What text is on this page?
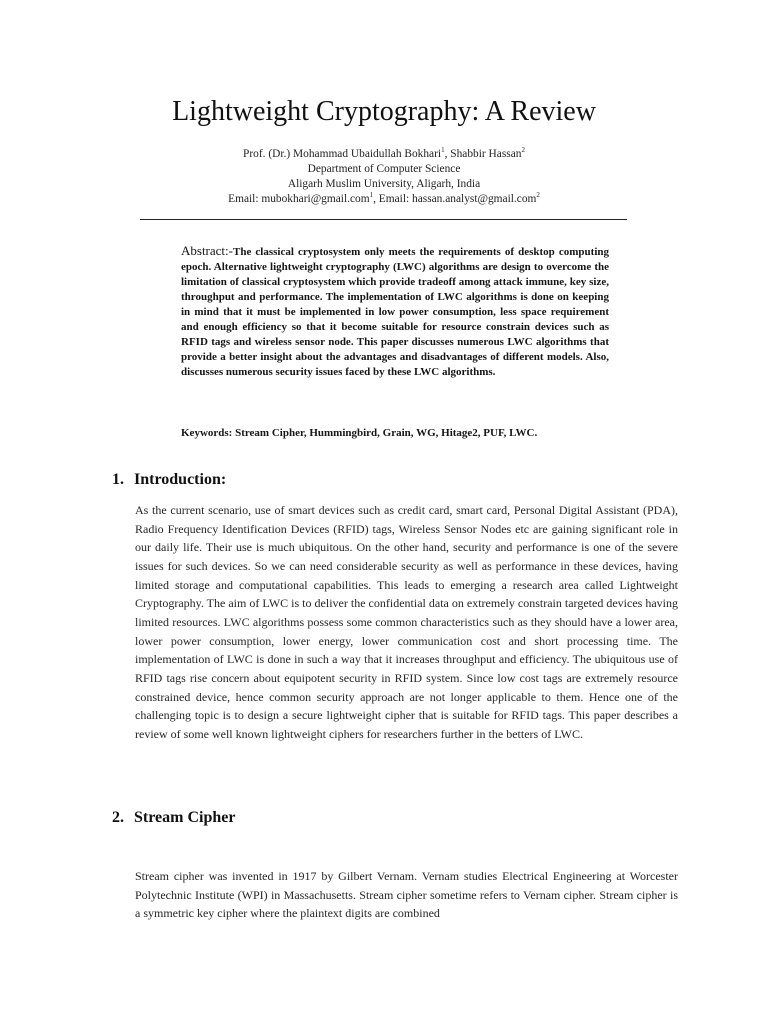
Lightweight Cryptography: A Review
Prof. (Dr.) Mohammad Ubaidullah Bokhari$^1$, Shabbir Hassan$^2$
Department of Computer Science
Aligarh Muslim University, Aligarh, India
Email: mubokhari@gmail.com$^1$, Email: hassan.analyst@gmail.com$^2$
Abstract:-The classical cryptosystem only meets the requirements of desktop computing epoch. Alternative lightweight cryptography (LWC) algorithms are design to overcome the limitation of classical cryptosystem which provide tradeoff among attack immune, key size, throughput and performance. The implementation of LWC algorithms is done on keeping in mind that it must be implemented in low power consumption, less space requirement and enough efficiency so that it become suitable for resource constrain devices such as RFID tags and wireless sensor node. This paper discusses numerous LWC algorithms that provide a better insight about the advantages and disadvantages of different models. Also, discusses numerous security issues faced by these LWC algorithms.
Keywords: Stream Cipher, Hummingbird, Grain, WG, Hitage2, PUF, LWC.
1. Introduction:
As the current scenario, use of smart devices such as credit card, smart card, Personal Digital Assistant (PDA), Radio Frequency Identification Devices (RFID) tags, Wireless Sensor Nodes etc are gaining significant role in our daily life. Their use is much ubiquitous. On the other hand, security and performance is one of the severe issues for such devices. So we can need considerable security as well as performance in these devices, having limited storage and computational capabilities. This leads to emerging a research area called Lightweight Cryptography. The aim of LWC is to deliver the confidential data on extremely constrain targeted devices having limited resources. LWC algorithms possess some common characteristics such as they should have a lower area, lower power consumption, lower energy, lower communication cost and short processing time. The implementation of LWC is done in such a way that it increases throughput and efficiency. The ubiquitous use of RFID tags rise concern about equipotent security in RFID system. Since low cost tags are extremely resource constrained device, hence common security approach are not longer applicable to them. Hence one of the challenging topic is to design a secure lightweight cipher that is suitable for RFID tags. This paper describes a review of some well known lightweight ciphers for researchers further in the betters of LWC.
2. Stream Cipher
Stream cipher was invented in 1917 by Gilbert Vernam. Vernam studies Electrical Engineering at Worcester Polytechnic Institute (WPI) in Massachusetts. Stream cipher sometime refers to Vernam cipher. Stream cipher is a symmetric key cipher where the plaintext digits are combined
